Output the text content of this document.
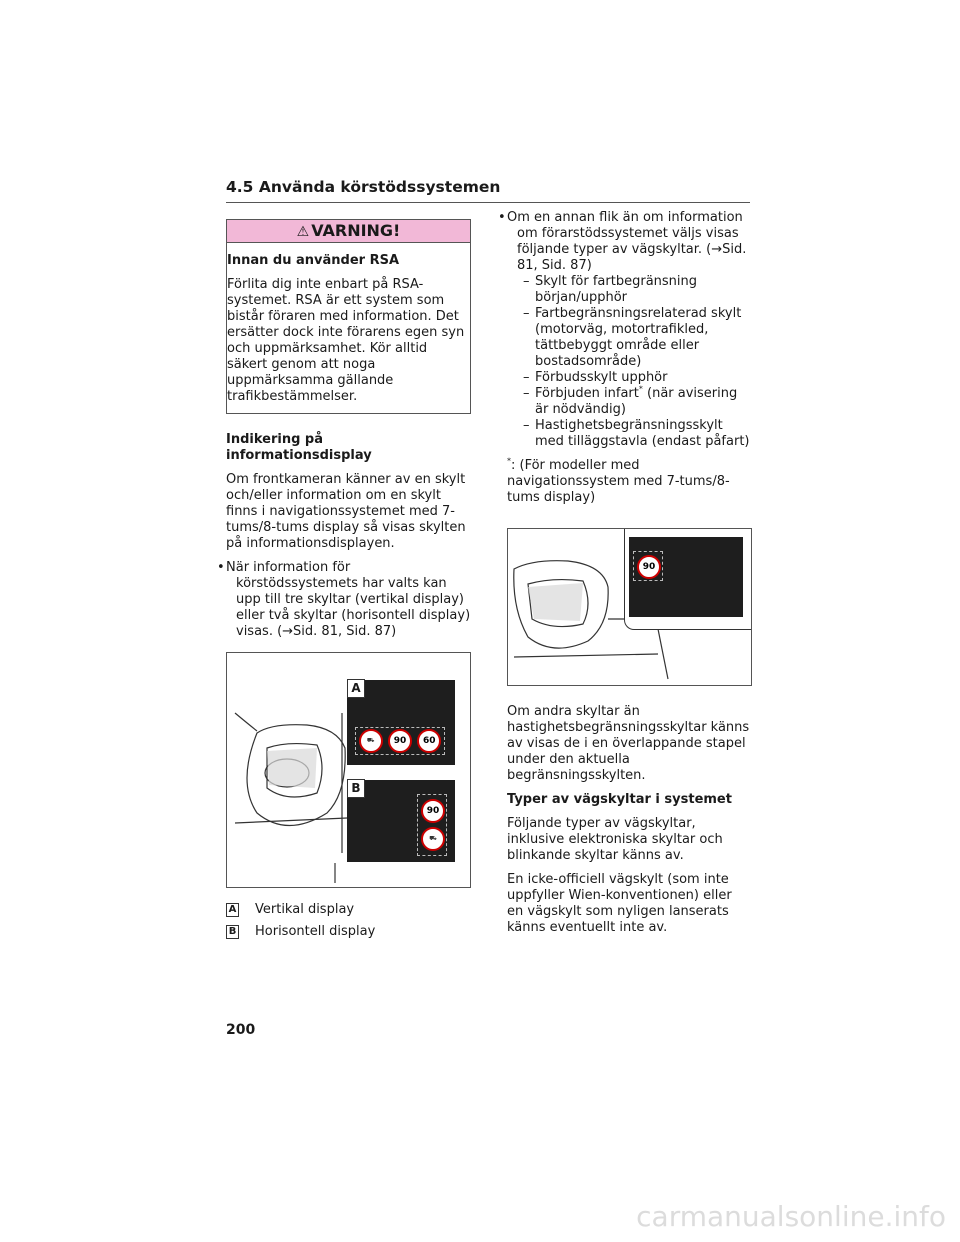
4.5 Använda körstödssystemen
⚠ VARNING!

Innan du använder RSA

Förlita dig inte enbart på RSA-systemet. RSA är ett system som bistår föraren med information. Det ersätter dock inte förarens egen syn och uppmärksamhet. Kör alltid säkert genom att noga uppmärksamma gällande trafikbestämmelser.

Indikering på informationsdisplay

Om frontkameran känner av en skylt och/eller information om en skylt finns i navigationssystemet med 7-tums/8-tums display så visas skylten på informationsdisplayen.

• När information för körstödssystemets har valts kan upp till tre skyltar (vertikal display) eller två skyltar (horisontell display) visas. (→Sid. 81, Sid. 87)
⛟	90	60
A
90
⛟
B
A Vertikal display
B Horisontell display
• Om en annan flik än om information om förarstödssystemet väljs visas följande typer av vägskyltar. (→Sid. 81, Sid. 87)
– Skylt för fartbegränsning början/upphör
– Fartbegränsningsrelaterad skylt (motorväg, motortrafikled, tättbebyggt område eller bostadsområde)
– Förbudsskylt upphör
– Förbjuden infart* (när avisering är nödvändig)
– Hastighetsbegränsningsskylt med tilläggstavla (endast påfart)

*: (För modeller med navigationssystem med 7-tums/8-tums display)

90

Om andra skyltar än hastighetsbegränsningsskyltar känns av visas de i en överlappande stapel under den aktuella begränsningsskylten.

Typer av vägskyltar i systemet

Följande typer av vägskyltar, inklusive elektroniska skyltar och blinkande skyltar känns av.

En icke-officiell vägskylt (som inte uppfyller Wien-konventionen) eller en vägskylt som nyligen lanserats känns eventuellt inte av.

200
carmanualsonline.info
